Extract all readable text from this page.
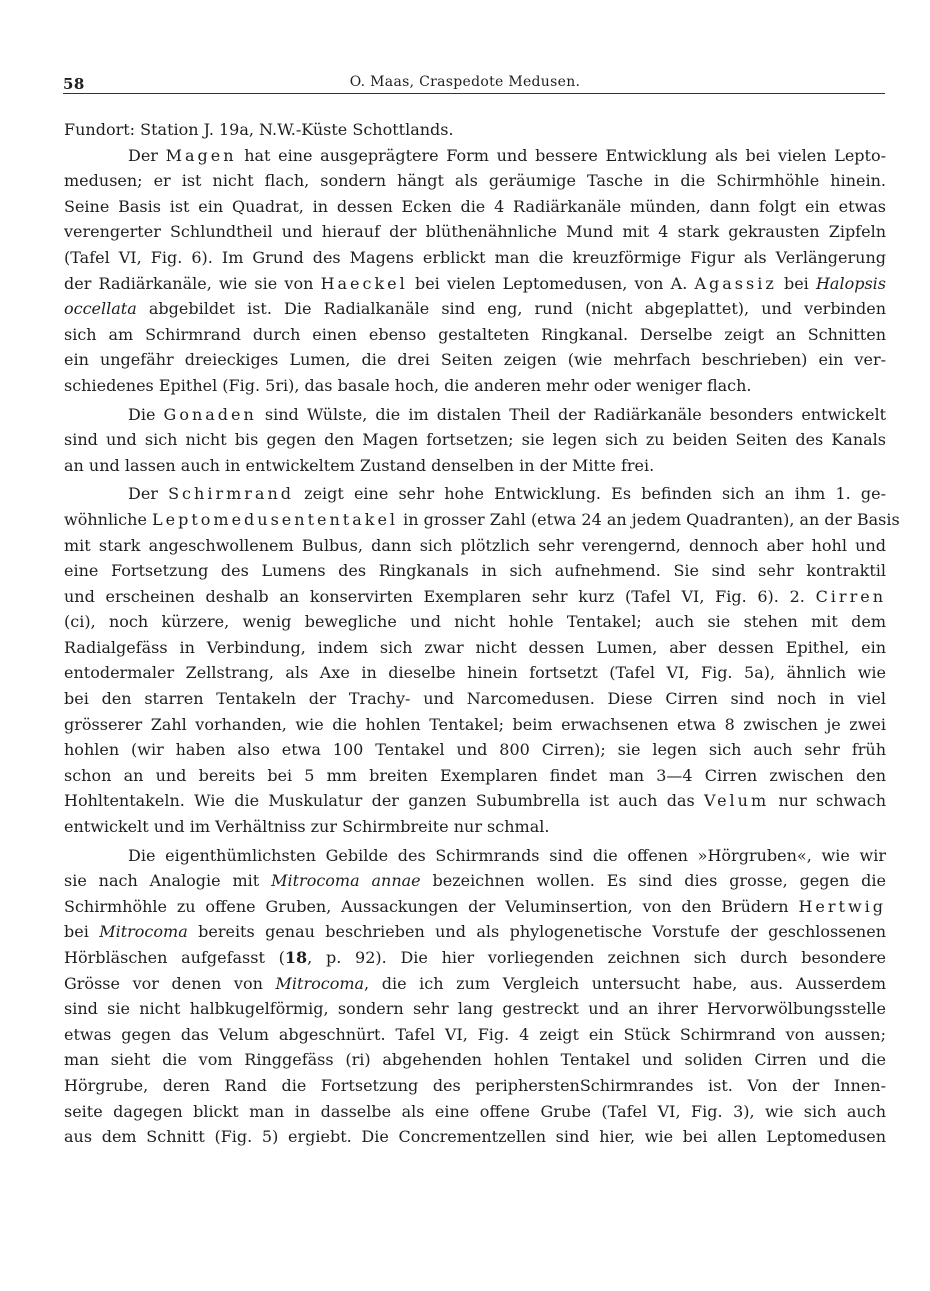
58	O. Maas, Craspedote Medusen.
Fundort: Station J. 19a, N.W.-Küste Schottlands.
Der Magen hat eine ausgeprägtere Form und bessere Entwicklung als bei vielen Lepto-
medusen; er ist nicht flach, sondern hängt als geräumige Tasche in die Schirmhöhle hinein.
Seine Basis ist ein Quadrat, in dessen Ecken die 4 Radiärkanäle münden, dann folgt ein etwas
verengerter Schlundtheil und hierauf der blüthenähnliche Mund mit 4 stark gekrausten Zipfeln
(Tafel VI, Fig. 6). Im Grund des Magens erblickt man die kreuzförmige Figur als Verlängerung
der Radiärkanäle, wie sie von Haeckel bei vielen Leptomedusen, von A. Agassiz bei Halopsis
occellata abgebildet ist. Die Radialkanäle sind eng, rund (nicht abgeplattet), und verbinden
sich am Schirmrand durch einen ebenso gestalteten Ringkanal. Derselbe zeigt an Schnitten
ein ungefähr dreieckiges Lumen, die drei Seiten zeigen (wie mehrfach beschrieben) ein ver-
schiedenes Epithel (Fig. 5ri), das basale hoch, die anderen mehr oder weniger flach.
Die Gonaden sind Wülste, die im distalen Theil der Radiärkanäle besonders entwickelt
sind und sich nicht bis gegen den Magen fortsetzen; sie legen sich zu beiden Seiten des Kanals
an und lassen auch in entwickeltem Zustand denselben in der Mitte frei.
Der Schirmrand zeigt eine sehr hohe Entwicklung. Es befinden sich an ihm 1. ge-
wöhnliche Leptomedusententakel in grosser Zahl (etwa 24 an jedem Quadranten), an der Basis
mit stark angeschwollenem Bulbus, dann sich plötzlich sehr verengernd, dennoch aber hohl und
eine Fortsetzung des Lumens des Ringkanals in sich aufnehmend. Sie sind sehr kontraktil
und erscheinen deshalb an konservirten Exemplaren sehr kurz (Tafel VI, Fig. 6). 2. Cirren
(ci), noch kürzere, wenig bewegliche und nicht hohle Tentakel; auch sie stehen mit dem
Radialgefäss in Verbindung, indem sich zwar nicht dessen Lumen, aber dessen Epithel, ein
entodermaler Zellstrang, als Axe in dieselbe hinein fortsetzt (Tafel VI, Fig. 5a), ähnlich wie
bei den starren Tentakeln der Trachy- und Narcomedusen. Diese Cirren sind noch in viel
grösserer Zahl vorhanden, wie die hohlen Tentakel; beim erwachsenen etwa 8 zwischen je zwei
hohlen (wir haben also etwa 100 Tentakel und 800 Cirren); sie legen sich auch sehr früh
schon an und bereits bei 5 mm breiten Exemplaren findet man 3—4 Cirren zwischen den
Hohltentakeln. Wie die Muskulatur der ganzen Subumbrella ist auch das Velum nur schwach
entwickelt und im Verhältniss zur Schirmbreite nur schmal.
Die eigenthümlichsten Gebilde des Schirmrands sind die offenen »Hörgruben«, wie wir
sie nach Analogie mit Mitrocoma annae bezeichnen wollen. Es sind dies grosse, gegen die
Schirmhöhle zu offene Gruben, Aussackungen der Veluminsertion, von den Brüdern Hertwig
bei Mitrocoma bereits genau beschrieben und als phylogenetische Vorstufe der geschlossenen
Hörbläschen aufgefasst (18, p. 92). Die hier vorliegenden zeichnen sich durch besondere
Grösse vor denen von Mitrocoma, die ich zum Vergleich untersucht habe, aus. Ausserdem
sind sie nicht halbkugelförmig, sondern sehr lang gestreckt und an ihrer Hervorwölbungsstelle
etwas gegen das Velum abgeschnürt. Tafel VI, Fig. 4 zeigt ein Stück Schirmrand von aussen;
man sieht die vom Ringgefäss (ri) abgehenden hohlen Tentakel und soliden Cirren und die
Hörgrube, deren Rand die Fortsetzung des peripherstenSchirmrandes ist. Von der Innen-
seite dagegen blickt man in dasselbe als eine offene Grube (Tafel VI, Fig. 3), wie sich auch
aus dem Schnitt (Fig. 5) ergiebt. Die Concrementzellen sind hier, wie bei allen Leptomedusen
